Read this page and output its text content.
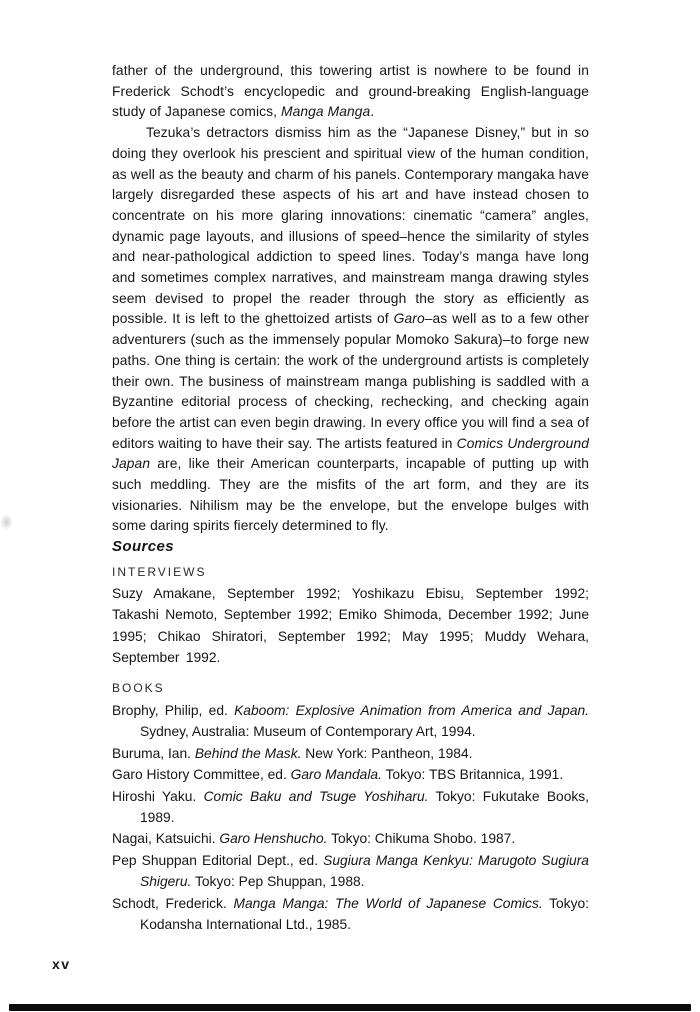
father of the underground, this towering artist is nowhere to be found in Frederick Schodt’s encyclopedic and ground-breaking English-language study of Japanese comics, Manga Manga.

Tezuka’s detractors dismiss him as the “Japanese Disney,” but in so doing they overlook his prescient and spiritual view of the human condition, as well as the beauty and charm of his panels. Contemporary mangaka have largely disregarded these aspects of his art and have instead chosen to concentrate on his more glaring innovations: cinematic “camera” angles, dynamic page layouts, and illusions of speed–hence the similarity of styles and near-pathological addiction to speed lines. Today’s manga have long and sometimes complex narratives, and mainstream manga drawing styles seem devised to propel the reader through the story as efficiently as possible. It is left to the ghettoized artists of Garo–as well as to a few other adventurers (such as the immensely popular Momoko Sakura)–to forge new paths. One thing is certain: the work of the underground artists is completely their own. The business of mainstream manga publishing is saddled with a Byzantine editorial process of checking, rechecking, and checking again before the artist can even begin drawing. In every office you will find a sea of editors waiting to have their say. The artists featured in Comics Underground Japan are, like their American counterparts, incapable of putting up with such meddling. They are the misfits of the art form, and they are its visionaries. Nihilism may be the envelope, but the envelope bulges with some daring spirits fiercely determined to fly.

Sources
INTERVIEWS

Suzy Amakane, September 1992; Yoshikazu Ebisu, September 1992; Takashi Nemoto, September 1992; Emiko Shimoda, December 1992; June 1995; Chikao Shiratori, September 1992; May 1995; Muddy Wehara, September 1992.

BOOKS

Brophy, Philip, ed. Kaboom: Explosive Animation from America and Japan. Sydney, Australia: Museum of Contemporary Art, 1994.

Buruma, Ian. Behind the Mask. New York: Pantheon, 1984.

Garo History Committee, ed. Garo Mandala. Tokyo: TBS Britannica, 1991.

Hiroshi Yaku. Comic Baku and Tsuge Yoshiharu. Tokyo: Fukutake Books, 1989.

Nagai, Katsuichi. Garo Henshucho. Tokyo: Chikuma Shobo. 1987.

Pep Shuppan Editorial Dept., ed. Sugiura Manga Kenkyu: Marugoto Sugiura Shigeru. Tokyo: Pep Shuppan, 1988.

Schodt, Frederick. Manga Manga: The World of Japanese Comics. Tokyo: Kodansha International Ltd., 1985.

xv
